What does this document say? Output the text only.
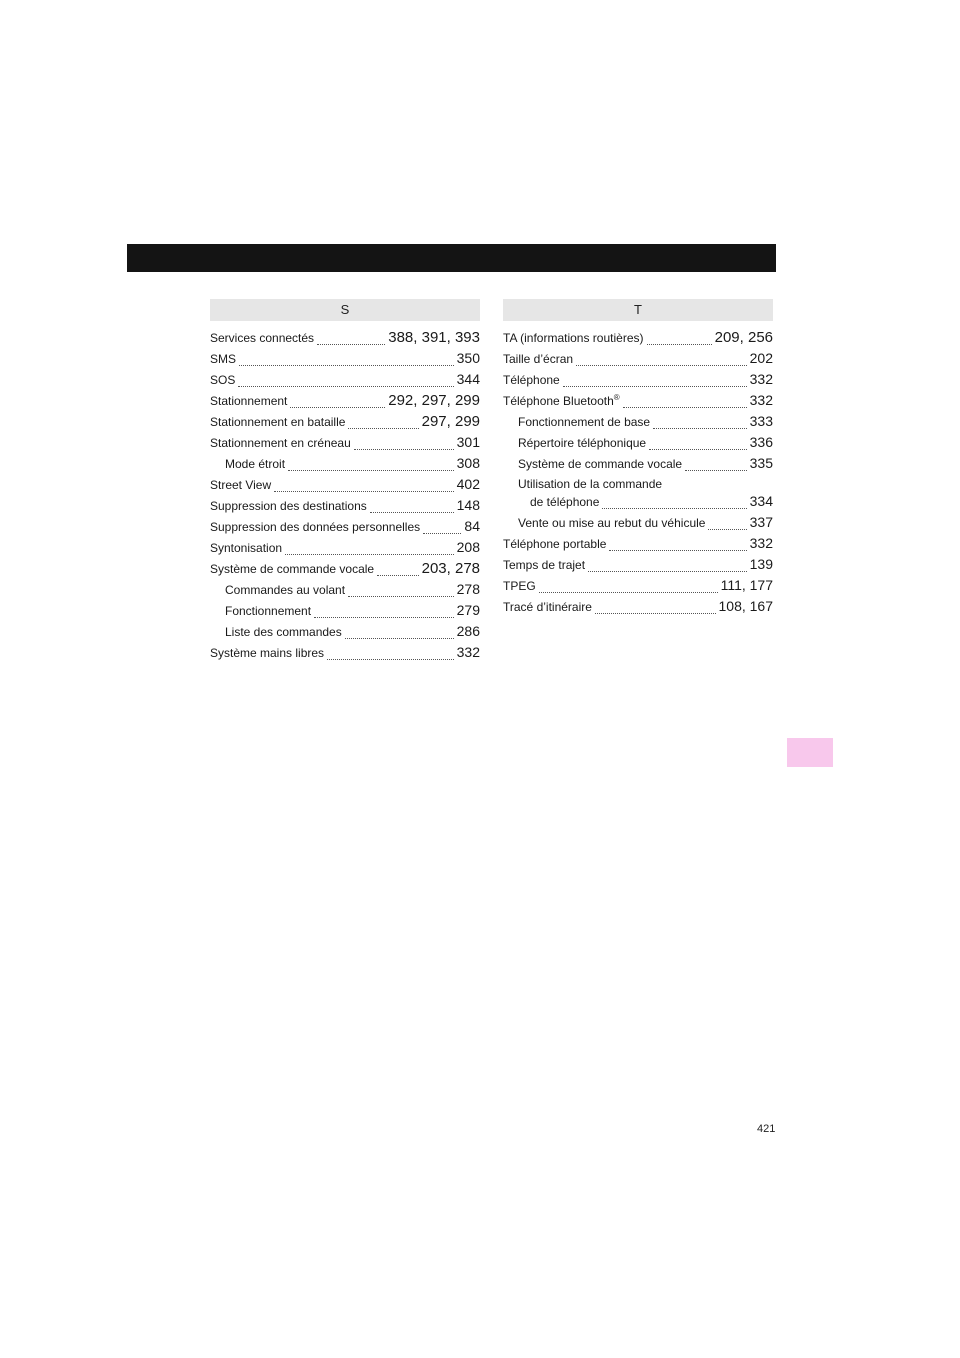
S
Services connectés	388, 391, 393
SMS	350
SOS	344
Stationnement	292, 297, 299
Stationnement en bataille	297, 299
Stationnement en créneau	301
Mode étroit	308
Street View	402
Suppression des destinations	148
Suppression des données personnelles	84
Syntonisation	208
Système de commande vocale	203, 278
Commandes au volant	278
Fonctionnement	279
Liste des commandes	286
Système mains libres	332
T
TA (informations routières)	209, 256
Taille d’écran	202
Téléphone	332
Téléphone Bluetooth®	332
Fonctionnement de base	333
Répertoire téléphonique	336
Système de commande vocale	335
Utilisation de la commande
de téléphone	334
Vente ou mise au rebut du véhicule	337
Téléphone portable	332
Temps de trajet	139
TPEG	111, 177
Tracé d’itinéraire	108, 167
421
